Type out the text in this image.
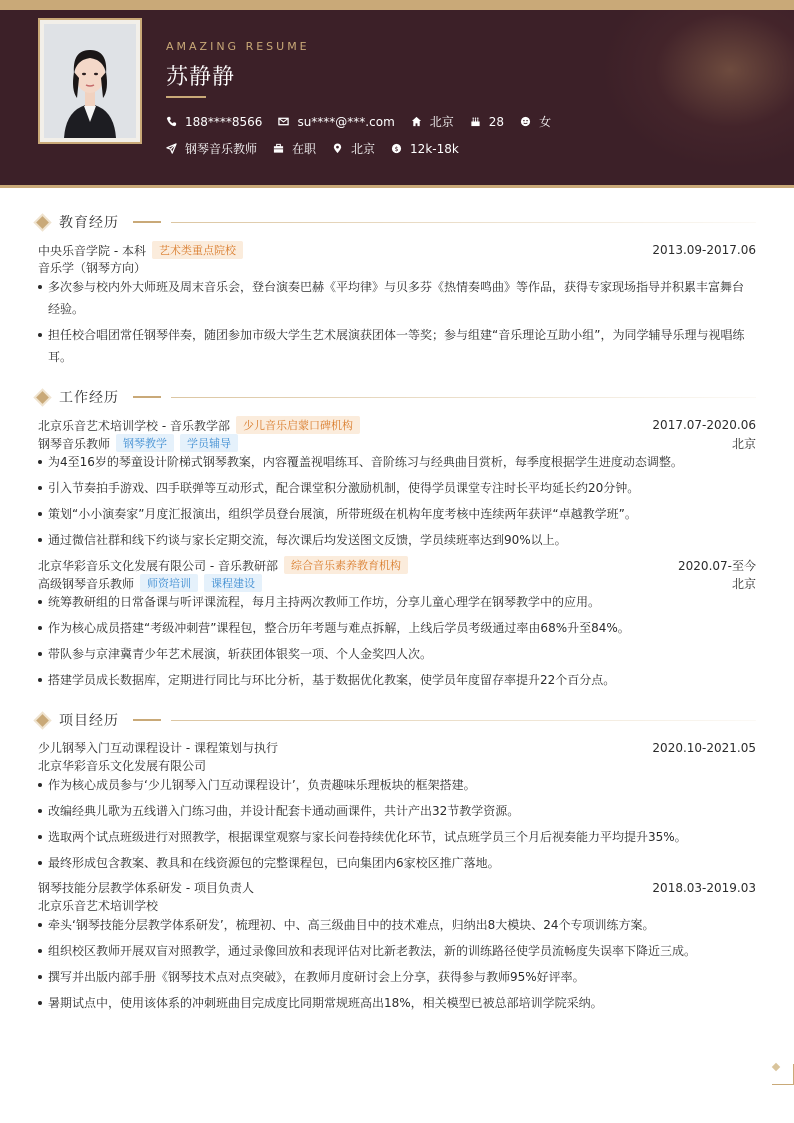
AMAZING RESUME
苏静静
188****8566	su****@***.com	北京	28	女
钢琴音乐教师	在职	北京	$ 12k-18k
教育经历
中央乐音学院 - 本科	艺术类重点院校	2013.09-2017.06
音乐学（钢琴方向）
多次参与校内外大师班及周末音乐会，登台演奏巴赫《平均律》与贝多芬《热情奏鸣曲》等作品，获得专家现场指导并积累丰富舞台经验。
担任校合唱团常任钢琴伴奏，随团参加市级大学生艺术展演获团体一等奖；参与组建“音乐理论互助小组”，为同学辅导乐理与视唱练耳。
工作经历
北京乐音艺术培训学校 - 音乐教学部	少儿音乐启蒙口碑机构	2017.07-2020.06
钢琴音乐教师	钢琴教学	学员辅导	北京
为4至16岁的琴童设计阶梯式钢琴教案，内容覆盖视唱练耳、音阶练习与经典曲目赏析，每季度根据学生进度动态调整。
引入节奏拍手游戏、四手联弹等互动形式，配合课堂积分激励机制，使得学员课堂专注时长平均延长约20分钟。
策划“小小演奏家”月度汇报演出，组织学员登台展演，所带班级在机构年度考核中连续两年获评“卓越教学班”。
通过微信社群和线下约谈与家长定期交流，每次课后均发送图文反馈，学员续班率达到90%以上。
北京华彩音乐文化发展有限公司 - 音乐教研部	综合音乐素养教育机构	2020.07-至今
高级钢琴音乐教师	师资培训	课程建设	北京
统筹教研组的日常备课与听评课流程，每月主持两次教师工作坊，分享儿童心理学在钢琴教学中的应用。
作为核心成员搭建“考级冲刺营”课程包，整合历年考题与难点拆解，上线后学员考级通过率由68%升至84%。
带队参与京津冀青少年艺术展演，斩获团体银奖一项、个人金奖四人次。
搭建学员成长数据库，定期进行同比与环比分析，基于数据优化教案，使学员年度留存率提升22个百分点。
项目经历
少儿钢琴入门互动课程设计 - 课程策划与执行	2020.10-2021.05
北京华彩音乐文化发展有限公司
作为核心成员参与‘少儿钢琴入门互动课程设计’，负责趣味乐理板块的框架搭建。
改编经典儿歌为五线谱入门练习曲，并设计配套卡通动画课件，共计产出32节教学资源。
选取两个试点班级进行对照教学，根据课堂观察与家长问卷持续优化环节，试点班学员三个月后视奏能力平均提升35%。
最终形成包含教案、教具和在线资源包的完整课程包，已向集团内6家校区推广落地。
钢琴技能分层教学体系研发 - 项目负责人	2018.03-2019.03
北京乐音艺术培训学校
牵头‘钢琴技能分层教学体系研发’，梳理初、中、高三级曲目中的技术难点，归纳出8大模块、24个专项训练方案。
组织校区教师开展双盲对照教学，通过录像回放和表现评估对比新老教法，新的训练路径使学员流畅度失误率下降近三成。
撰写并出版内部手册《钢琴技术点对点突破》，在教师月度研讨会上分享，获得参与教师95%好评率。
暑期试点中，使用该体系的冲刺班曲目完成度比同期常规班高出18%，相关模型已被总部培训学院采纳。
